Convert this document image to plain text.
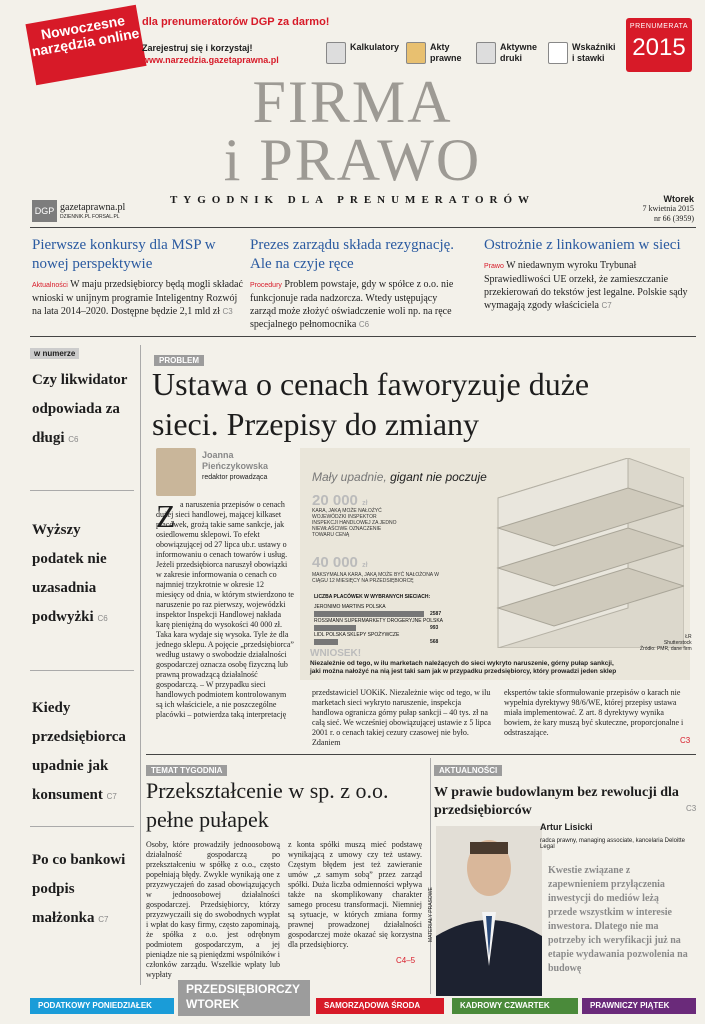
Nowoczesne narzędzia online
dla prenumeratorów DGP za darmo!
Zarejestruj się i korzystaj!
www.narzedzia.gazetaprawna.pl
Kalkulatory	Akty prawne
Aktywne druki
Wskaźniki i stawki
PRENUMERATA
2015
FIRMA
i PRAWO
TYGODNIK DLA PRENUMERATORÓW
DGP gazetaprawna.pl
DZIENNIK.PL FORSAL.PL
Wtorek
7 kwietnia 2015
nr 66 (3959)
Pierwsze konkursy dla MSP w nowej perspektywie

Aktualności W maju przedsiębiorcy będą mogli składać wnioski w unijnym programie Inteligentny Rozwój na lata 2014–2020. Dostępne będzie 2,1 mld zł C3

Prezes zarządu składa rezygnację. Ale na czyje ręce

Procedury Problem powstaje, gdy w spółce z o.o. nie funkcjonuje rada nadzorcza. Wtedy ustępujący zarząd może złożyć oświadczenie woli np. na ręce specjalnego pełnomocnika C6

Ostrożnie z linkowaniem w sieci

Prawo W niedawnym wyroku Trybunał Sprawiedliwości UE orzekł, że zamieszczanie przekierowań do tekstów jest legalne. Polskie sądy wymagają zgody właściciela C7

w numerze
Czy likwidator odpowiada za długi C6
Wyższy podatek nie uzasadnia podwyżki C6
Kiedy przedsiębiorca upadnie jak konsument C7
Po co bankowi podpis małżonka C7
PROBLEM
Ustawa o cenach faworyzuje duże sieci. Przepisy do zmiany
Joanna Pieńczykowska
redaktor prowadząca
Z a naruszenia przepisów o cenach dużej sieci handlowej, mającej kilkaset placówek, grożą takie same sankcje, jak osiedlowemu sklepowi. To efekt obowiązującej od 27 lipca ub.r. ustawy o informowaniu o cenach towarów i usług. Jeżeli przedsiębiorca naruszył obowiązki w zakresie informowania o cenach co najmniej trzykrotnie w okresie 12 miesięcy od dnia, w którym stwierdzono te naruszenie po raz pierwszy, wojewódzki inspektor Inspekcji Handlowej nakłada karę pieniężną do wysokości 40 000 zł. Taka kara wydaje się wysoka. Tyle że dla jednego sklepu. A pojęcie „przedsiębiorca” według ustawy o swobodzie działalności gospodarczej oznacza osobę fizyczną lub prawną prowadzącą działalność gospodarczą. – W przypadku sieci handlowych podmiotem kontrolowanym są ich właściciele, a nie poszczególne placówki – potwierdza taką interpretację
przedstawiciel UOKiK. Niezależnie więc od tego, w ilu marketach sieci wykryto naruszenie, inspekcja handlowa ogranicza górny pułap sankcji – 40 tys. zł na całą sieć. We wcześniej obowiązującej ustawie z 5 lipca 2001 r. o cenach takiej cezury czasowej nie było. Zdaniem
ekspertów takie sformułowanie przepisów o karach nie wypełnia dyrektywy 98/6/WE, której przepisy ustawa miała implementować. Z art. 8 dyrektywy wynika bowiem, że kary muszą być skuteczne, proporcjonalne i odstraszające.
C3
Mały upadnie, gigant nie poczuje
20 000 zł
KARA, JAKĄ MOŻE NAŁOŻYĆ WOJEWÓDZKI INSPEKTOR INSPEKCJI HANDLOWEJ ZA JEDNO NIEWŁAŚCIWE OZNACZENIE TOWARU CENĄ
40 000 zł
MAKSYMALNA KARA, JAKĄ MOŻE BYĆ NAŁOŻONA W CIĄGU 12 MIESIĘCY NA PRZEDSIĘBIORCĘ
LICZBA PLACÓWEK W WYBRANYCH SIECIACH:
JERONIMO MARTINS POLSKA
2587
ROSSMANN SUPERMARKETY DROGERYJNE POLSKA
993
LIDL POLSKA SKLEPY SPOŻYWCZE
568
WNIOSEK!
Niezależnie od tego, w ilu marketach należących do sieci wykryto naruszenie, górny pułap sankcji, jaki można nałożyć na nią jest taki sam jak w przypadku przedsiębiorcy, który prowadzi jeden sklep
ŁR
Shutterstock
Źródło: PMR, dane firm
TEMAT TYGODNIA
Przekształcenie w sp. z o.o. pełne pułapek
Osoby, które prowadziły jednoosobową działalność gospodarczą po przekształceniu w spółkę z o.o., często popełniają błędy. Zwykle wynikają one z przyzwyczajeń do zasad obowiązujących w jednoosobowej działalności gospodarczej. Przedsiębiorcy, którzy przyzwyczaili się do swobodnych wypłat i wpłat do kasy firmy, często zapominają, że spółka z o.o. jest odrębnym podmiotem gospodarczym, a jej pieniądze nie są pieniędzmi wspólników i członków zarządu. Wszelkie wpłaty lub wypłaty
z konta spółki muszą mieć podstawę wynikającą z umowy czy też ustawy. Częstym błędem jest też zawieranie umów „z samym sobą” przez zarząd spółki. Duża liczba odmienności wpływa także na skomplikowany charakter samego procesu transformacji. Niemniej są sytuacje, w których zmiana formy prawnej prowadzonej działalności gospodarczej może okazać się korzystna dla przedsiębiorcy.
C4–5
AKTUALNOŚCI
W prawie budowlanym bez rewolucji dla przedsiębiorców	C3
MATERIAŁY PRASOWE
Artur Lisicki
radca prawny, managing associate, kancelaria Deloitte Legal
Kwestie związane z zapewnieniem przyłączenia inwestycji do mediów leżą przede wszystkim w interesie inwestora. Dlatego nie ma potrzeby ich weryfikacji już na etapie wydawania pozwolenia na budowę
PODATKOWY PONIEDZIAŁEK
PRZEDSIĘBIORCZY WTOREK	SAMORZĄDOWA ŚRODA	KADROWY CZWARTEK	PRAWNICZY PIĄTEK
